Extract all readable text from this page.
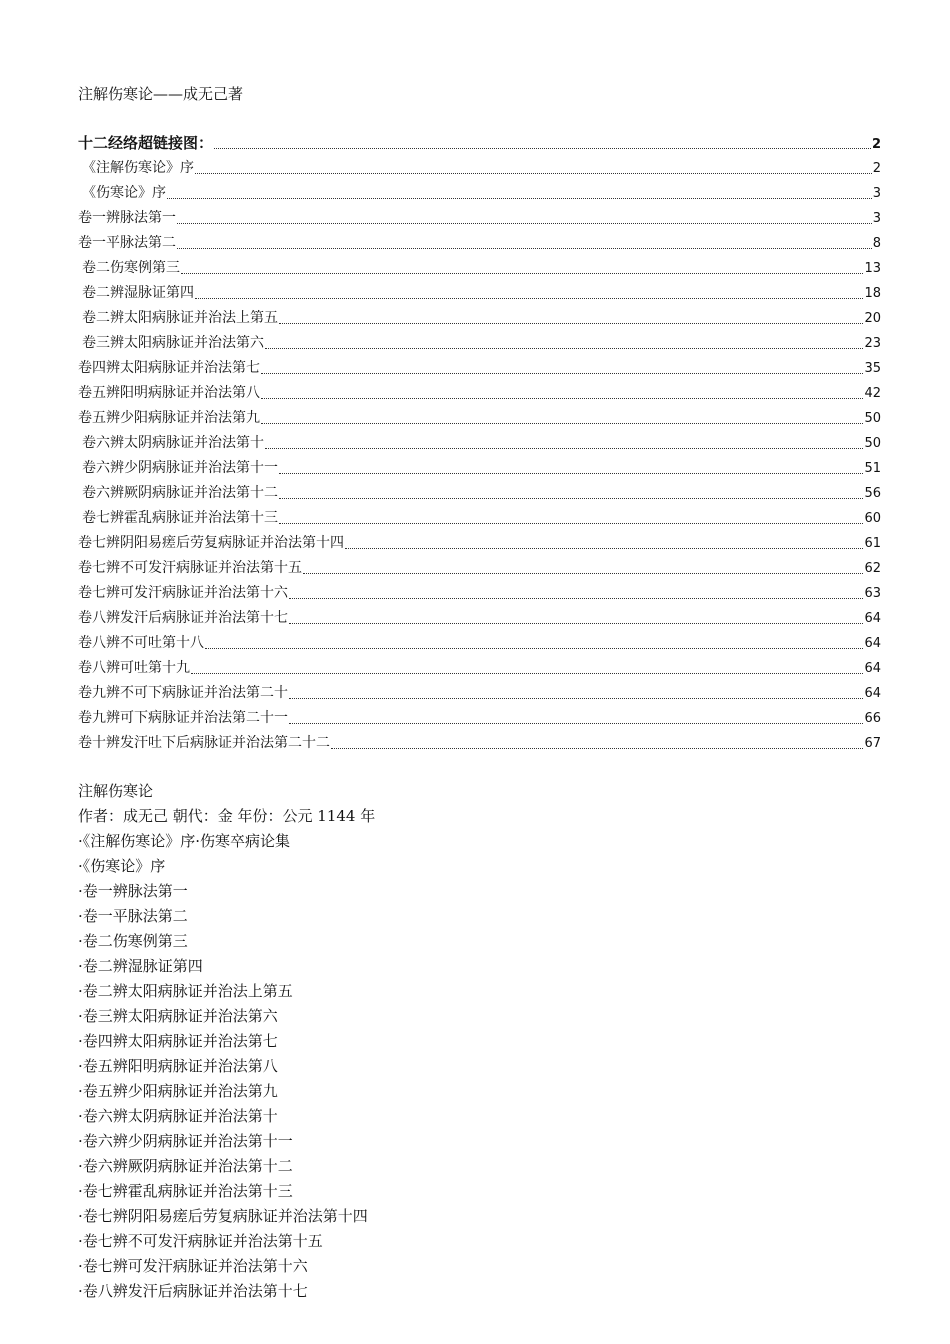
注解伤寒论——成无己著
十二经络超链接图：	2
《注解伤寒论》序	2
《伤寒论》序	3
卷一辨脉法第一	3
卷一平脉法第二	8
卷二伤寒例第三	13
卷二辨湿脉证第四	18
卷二辨太阳病脉证并治法上第五	20
卷三辨太阳病脉证并治法第六	23
卷四辨太阳病脉证并治法第七	35
卷五辨阳明病脉证并治法第八	42
卷五辨少阳病脉证并治法第九	50
卷六辨太阴病脉证并治法第十	50
卷六辨少阴病脉证并治法第十一	51
卷六辨厥阴病脉证并治法第十二	56
卷七辨霍乱病脉证并治法第十三	60
卷七辨阴阳易瘥后劳复病脉证并治法第十四	61
卷七辨不可发汗病脉证并治法第十五	62
卷七辨可发汗病脉证并治法第十六	63
卷八辨发汗后病脉证并治法第十七	64
卷八辨不可吐第十八	64
卷八辨可吐第十九	64
卷九辨不可下病脉证并治法第二十	64
卷九辨可下病脉证并治法第二十一	66
卷十辨发汗吐下后病脉证并治法第二十二	67
注解伤寒论
作者：成无己 朝代：金 年份：公元 1144 年
·《注解伤寒论》序·伤寒卒病论集
·《伤寒论》序
·卷一辨脉法第一
·卷一平脉法第二
·卷二伤寒例第三
·卷二辨湿脉证第四
·卷二辨太阳病脉证并治法上第五
·卷三辨太阳病脉证并治法第六
·卷四辨太阳病脉证并治法第七
·卷五辨阳明病脉证并治法第八
·卷五辨少阳病脉证并治法第九
·卷六辨太阴病脉证并治法第十
·卷六辨少阴病脉证并治法第十一
·卷六辨厥阴病脉证并治法第十二
·卷七辨霍乱病脉证并治法第十三
·卷七辨阴阳易瘥后劳复病脉证并治法第十四
·卷七辨不可发汗病脉证并治法第十五
·卷七辨可发汗病脉证并治法第十六
·卷八辨发汗后病脉证并治法第十七
